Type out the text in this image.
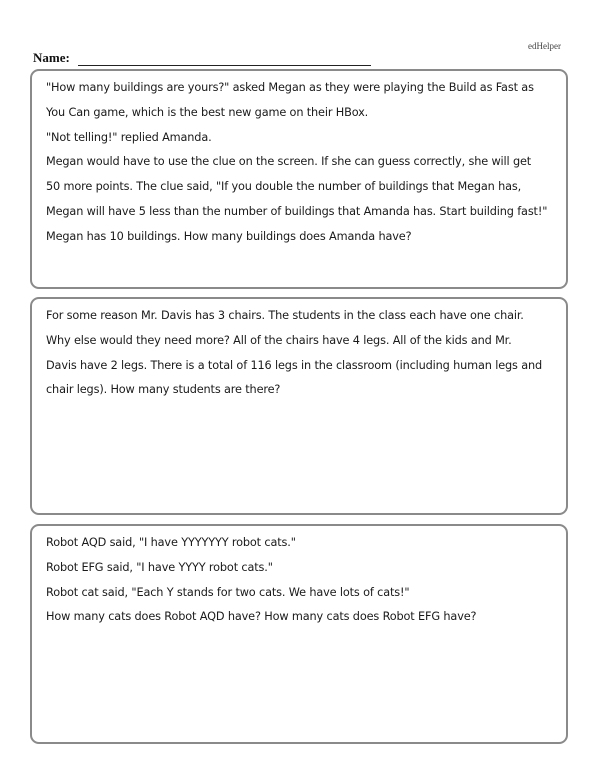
edHelper
Name:
"How many buildings are yours?" asked Megan as they were playing the Build as Fast as
You Can game, which is the best new game on their HBox.
"Not telling!" replied Amanda.
Megan would have to use the clue on the screen. If she can guess correctly, she will get
50 more points. The clue said, "If you double the number of buildings that Megan has,
Megan will have 5 less than the number of buildings that Amanda has. Start building fast!"
Megan has 10 buildings. How many buildings does Amanda have?
For some reason Mr. Davis has 3 chairs. The students in the class each have one chair.
Why else would they need more? All of the chairs have 4 legs. All of the kids and Mr.
Davis have 2 legs. There is a total of 116 legs in the classroom (including human legs and
chair legs). How many students are there?
Robot AQD said, "I have YYYYYYY robot cats."
Robot EFG said, "I have YYYY robot cats."
Robot cat said, "Each Y stands for two cats. We have lots of cats!"
How many cats does Robot AQD have? How many cats does Robot EFG have?
